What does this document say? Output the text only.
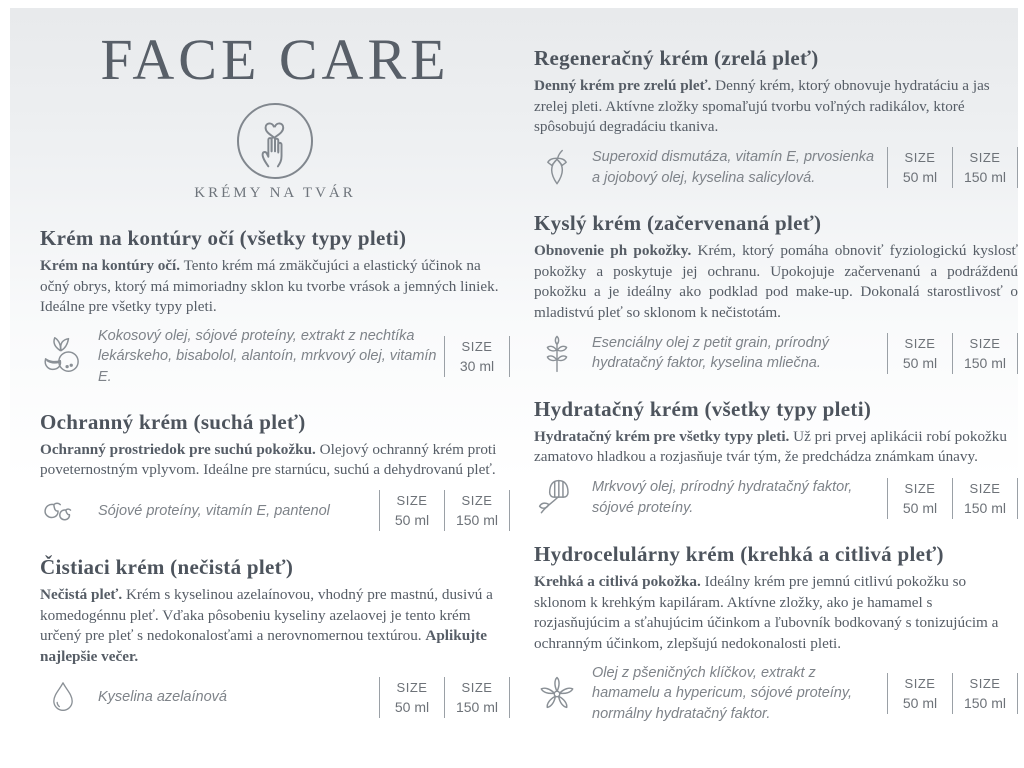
FACE CARE
KRÉMY NA TVÁR
Krém na kontúry očí (všetky typy pleti)

Krém na kontúry očí. Tento krém má zmäkčujúci a elastický účinok na očný obrys, ktorý má mimoriadny sklon ku tvorbe vrások a jemných liniek. Ideálne pre všetky typy pleti.

Kokosový olej, sójové proteíny, extrakt z nechtíka lekárskeho, bisabolol, alantoín, mrkvový olej, vitamín E.
SIZE
30 ml
Ochranný krém (suchá pleť)

Ochranný prostriedok pre suchú pokožku. Olejový ochranný krém proti poveternostným vplyvom. Ideálne pre starnúcu, suchú a dehydrovanú pleť.

Sójové proteíny, vitamín E, pantenol
SIZE
50 ml
SIZE
150 ml
Čistiaci krém (nečistá pleť)

Nečistá pleť. Krém s kyselinou azelaínovou, vhodný pre mastnú, dusivú a komedogénnu pleť. Vďaka pôsobeniu kyseliny azelaovej je tento krém určený pre pleť s nedokonalosťami a nerovnomernou textúrou. Aplikujte najlepšie večer.

Kyselina azelaínová
SIZE
50 ml
SIZE
150 ml
Regeneračný krém (zrelá pleť)

Denný krém pre zrelú pleť. Denný krém, ktorý obnovuje hydratáciu a jas zrelej pleti. Aktívne zložky spomaľujú tvorbu voľných radikálov, ktoré spôsobujú degradáciu tkaniva.

Superoxid dismutáza, vitamín E, prvosienka a jojobový olej, kyselina salicylová.
SIZE
50 ml
SIZE
150 ml
Kyslý krém (začervenaná pleť)

Obnovenie ph pokožky. Krém, ktorý pomáha obnoviť fyziologickú kyslosť pokožky a poskytuje jej ochranu. Upokojuje začervenanú a podráždenú pokožku a je ideálny ako podklad pod make-up. Dokonalá starostlivosť o mladistvú pleť so sklonom k nečistotám.

Esenciálny olej z petit grain, prírodný hydratačný faktor, kyselina mliečna.
SIZE
50 ml
SIZE
150 ml
Hydratačný krém (všetky typy pleti)

Hydratačný krém pre všetky typy pleti. Už pri prvej aplikácii robí pokožku zamatovo hladkou a rozjasňuje tvár tým, že predchádza známkam únavy.

Mrkvový olej, prírodný hydratačný faktor, sójové proteíny.
SIZE
50 ml
SIZE
150 ml
Hydrocelulárny krém (krehká a citlivá pleť)

Krehká a citlivá pokožka. Ideálny krém pre jemnú citlivú pokožku so sklonom k krehkým kapiláram. Aktívne zložky, ako je hamamel s rozjasňujúcim a sťahujúcim účinkom a ľubovník bodkovaný s tonizujúcim a ochranným účinkom, zlepšujú nedokonalosti pleti.

Olej z pšeničných klíčkov, extrakt z hamamelu a hypericum, sójové proteíny, normálny hydratačný faktor.
SIZE
50 ml
SIZE
150 ml
